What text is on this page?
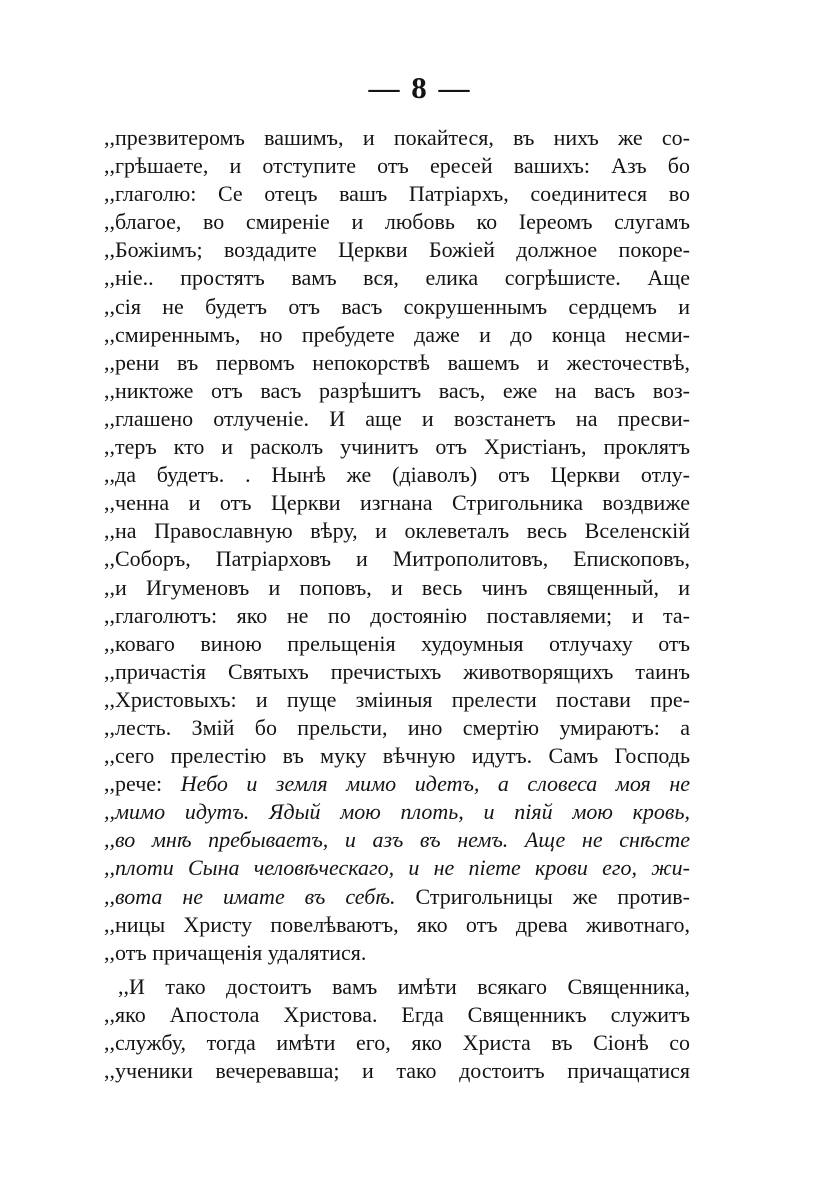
— 8 —
,,презвитеромъ вашимъ, и покайтеся, въ нихъ же со-
,,грѣшаете, и отступите отъ ересей вашихъ: Азъ бо
,,глаголю: Се отецъ вашъ Патріархъ, соединитеся во
,,благое, во смиреніе и любовь ко Іереомъ слугамъ
,,Божіимъ; воздадите Церкви Божіей должное покоре-
,,ніе.. простятъ вамъ вся, елика согрѣшисте. Аще
,,сія не будетъ отъ васъ сокрушеннымъ сердцемъ и
,,смиреннымъ, но пребудете даже и до конца несми-
,,рени въ первомъ непокорствѣ вашемъ и жесточествѣ,
,,никтоже отъ васъ разрѣшитъ васъ, еже на васъ воз-
,,глашено отлученіе. И аще и возстанетъ на пресви-
,,теръ кто и расколъ учинитъ отъ Христіанъ, проклятъ
,,да будетъ. . Нынѣ же (діаволъ) отъ Церкви отлу-
,,ченна и отъ Церкви изгнана Стригольника воздвиже
,,на Православную вѣру, и оклеветалъ весь Вселенскій
,,Соборъ, Патріарховъ и Митрополитовъ, Епископовъ,
,,и Игуменовъ и поповъ, и весь чинъ священный, и
,,глаголютъ: яко не по достоянію поставляеми; и та-
,,коваго виною прельщенія худоумныя отлучаху отъ
,,причастія Святыхъ пречистыхъ животворящихъ таинъ
,,Христовыхъ: и пуще зміиныя прелести постави пре-
,,лесть. Змій бо прельсти, ино смертію умираютъ: а
,,сего прелестію въ муку вѣчную идутъ. Самъ Господь
,,рече: Небо и земля мимо идетъ, а словеса моя не
,,мимо идутъ. Ядый мою плоть, и піяй мою кровь,
,,во мнѣ пребываетъ, и азъ въ немъ. Аще не снѣсте
,,плоти Сына человѣческаго, и не піете крови его, жи-
,,вота не имате въ себѣ. Стригольницы же против-
,,ницы Христу повелѣваютъ, яко отъ древа животнаго,
,,отъ причащенія удалятися.
,,И тако достоитъ вамъ имѣти всякаго Священника,
,,яко Апостола Христова. Егда Священникъ служитъ
,,службу, тогда имѣти его, яко Христа въ Сіонѣ со
,,ученики вечеревавша; и тако достоитъ причащатися
